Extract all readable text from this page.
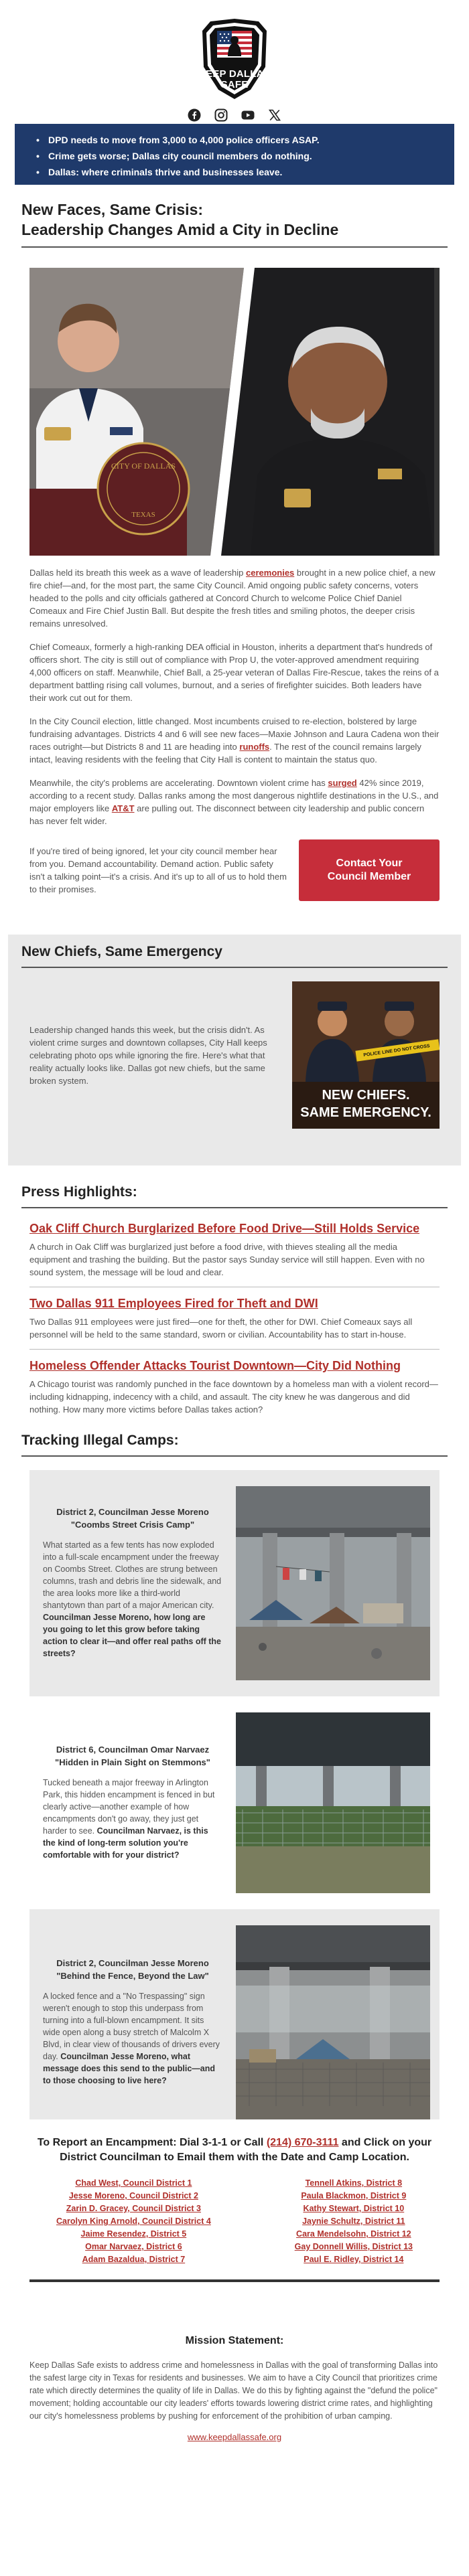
KEEP DALLAS
SAFE
• DPD needs to move from 3,000 to 4,000 police officers ASAP.
• Crime gets worse; Dallas city council members do nothing.
• Dallas: where criminals thrive and businesses leave.
New Faces, Same Crisis:
Leadership Changes Amid a City in Decline
CITY OF DALLAS
TEXAS

Dallas held its breath this week as a wave of leadership ceremonies brought in a new police chief, a new fire chief—and, for the most part, the same City Council. Amid ongoing public safety concerns, voters headed to the polls and city officials gathered at Concord Church to welcome Police Chief Daniel Comeaux and Fire Chief Justin Ball. But despite the fresh titles and smiling photos, the deeper crisis remains unresolved.

Chief Comeaux, formerly a high-ranking DEA official in Houston, inherits a department that's hundreds of officers short. The city is still out of compliance with Prop U, the voter-approved amendment requiring 4,000 officers on staff. Meanwhile, Chief Ball, a 25-year veteran of Dallas Fire-Rescue, takes the reins of a department battling rising call volumes, burnout, and a series of firefighter suicides. Both leaders have their work cut out for them.

In the City Council election, little changed. Most incumbents cruised to re-election, bolstered by large fundraising advantages. Districts 4 and 6 will see new faces—Maxie Johnson and Laura Cadena won their races outright—but Districts 8 and 11 are heading into runoffs. The rest of the council remains largely intact, leaving residents with the feeling that City Hall is content to maintain the status quo.

Meanwhile, the city's problems are accelerating. Downtown violent crime has surged 42% since 2019, according to a recent study. Dallas ranks among the most dangerous nightlife destinations in the U.S., and major employers like AT&T are pulling out. The disconnect between city leadership and public concern has never felt wider.

If you're tired of being ignored, let your city council member hear from you. Demand accountability. Demand action. Public safety isn't a talking point—it's a crisis. And it's up to all of us to hold them to their promises.

Contact Your
Council Member
New Chiefs, Same Emergency

Leadership changed hands this week, but the crisis didn't. As violent crime surges and downtown collapses, City Hall keeps celebrating photo ops while ignoring the fire. Here's what that reality actually looks like. Dallas got new chiefs, but the same broken system.

POLICE LINE DO NOT CROSS
NEW CHIEFS.
SAME EMERGENCY.
Press Highlights:
Oak Cliff Church Burglarized Before Food Drive—Still Holds Service

A church in Oak Cliff was burglarized just before a food drive, with thieves stealing all the media equipment and trashing the building. But the pastor says Sunday service will still happen. Even with no sound system, the message will be loud and clear.

Two Dallas 911 Employees Fired for Theft and DWI

Two Dallas 911 employees were just fired—one for theft, the other for DWI. Chief Comeaux says all personnel will be held to the same standard, sworn or civilian. Accountability has to start in-house.

Homeless Offender Attacks Tourist Downtown—City Did Nothing

A Chicago tourist was randomly punched in the face downtown by a homeless man with a violent record—including kidnapping, indecency with a child, and assault. The city knew he was dangerous and did nothing. How many more victims before Dallas takes action?

Tracking Illegal Camps:
District 2, Councilman Jesse Moreno
"Coombs Street Crisis Camp"
What started as a few tents has now exploded into a full-scale encampment under the freeway on Coombs Street. Clothes are strung between columns, trash and debris line the sidewalk, and the area looks more like a third-world shantytown than part of a major American city. Councilman Jesse Moreno, how long are you going to let this grow before taking action to clear it—and offer real paths off the streets?
District 6, Councilman Omar Narvaez
"Hidden in Plain Sight on Stemmons"
Tucked beneath a major freeway in Arlington Park, this hidden encampment is fenced in but clearly active—another example of how encampments don't go away, they just get harder to see. Councilman Narvaez, is this the kind of long-term solution you're comfortable with for your district?
District 2, Councilman Jesse Moreno
"Behind the Fence, Beyond the Law"
A locked fence and a "No Trespassing" sign weren't enough to stop this underpass from turning into a full-blown encampment. It sits wide open along a busy stretch of Malcolm X Blvd, in clear view of thousands of drivers every day. Councilman Jesse Moreno, what message does this send to the public—and to those choosing to live here?
To Report an Encampment: Dial 3-1-1 or Call (214) 670-3111 and Click on your District Councilman to Email them with the Date and Camp Location.
Chad West, Council District 1
Jesse Moreno, Council District 2
Zarin D. Gracey, Council District 3
Carolyn King Arnold, Council District 4
Jaime Resendez, District 5
Omar Narvaez, District 6
Adam Bazaldua, District 7
Tennell Atkins, District 8
Paula Blackmon, District 9
Kathy Stewart, District 10
Jaynie Schultz, District 11
Cara Mendelsohn, District 12
Gay Donnell Willis, District 13
Paul E. Ridley, District 14
Mission Statement:

Keep Dallas Safe exists to address crime and homelessness in Dallas with the goal of transforming Dallas into the safest large city in Texas for residents and businesses. We aim to have a City Council that prioritizes crime rate which directly determines the quality of life in Dallas. We do this by fighting against the "defund the police" movement; holding accountable our city leaders' efforts towards lowering district crime rates, and highlighting our city's homelessness problems by pushing for enforcement of the prohibition of urban camping.

www.keepdallassafe.org
